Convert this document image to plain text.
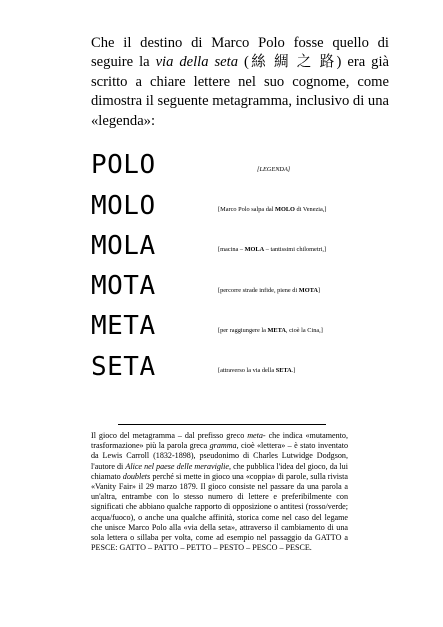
Che il destino di Marco Polo fosse quello di seguire la via della seta (絲 綢 之 路) era già scritto a chiare lettere nel suo cognome, come dimostra il seguente metagramma, inclusivo di una «legenda»:

POLO	[LEGENDA]
MOLO	[Marco Polo salpa dal MOLO di Venezia,]
MOLA	[macina – MOLA – tantissimi chilometri,]
MOTA	[percorre strade infide, piene di MOTA]
META	[per raggiungere la META, cioè la Cina,]
SETA	[attraverso la via della SETA.]

Il gioco del metagramma – dal prefisso greco meta- che indica «mutamento, trasformazione» più la parola greca gramma, cioè «lettera» – è stato inventato da Lewis Carroll (1832-1898), pseudonimo di Charles Lutwidge Dodgson, l'autore di Alice nel paese delle meraviglie, che pubblica l'idea del gioco, da lui chiamato doublets perché si mette in gioco una «coppia» di parole, sulla rivista «Vanity Fair» il 29 marzo 1879. Il gioco consiste nel passare da una parola a un'altra, entrambe con lo stesso numero di lettere e preferibilmente con significati che abbiano qualche rapporto di opposizione o antitesi (rosso/verde; acqua/fuoco), o anche una qualche affinità, storica come nel caso del legame che unisce Marco Polo alla «via della seta», attraverso il cambiamento di una sola lettera o sillaba per volta, come ad esempio nel passaggio da GATTO a PESCE: GATTO – PATTO – PETTO – PESTO – PESCO – PESCE.
